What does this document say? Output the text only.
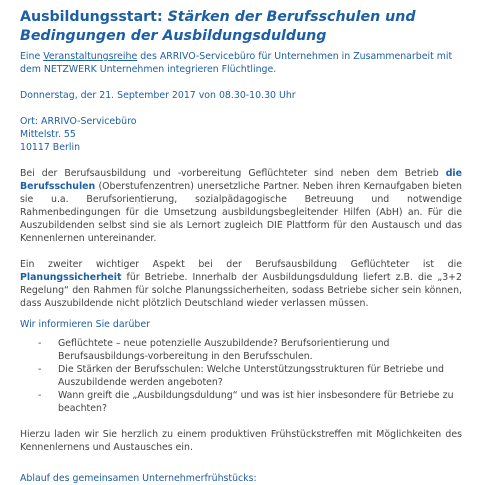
Ausbildungsstart: Stärken der Berufsschulen und Bedingungen der Ausbildungsduldung
Eine Veranstaltungsreihe des ARRIVO-Servicebüro für Unternehmen in Zusammenarbeit mit dem NETZWERK Unternehmen integrieren Flüchtlinge.
Donnerstag, der 21. September 2017 von 08.30-10.30 Uhr
Ort: ARRIVO-Servicebüro
Mittelstr. 55
10117 Berlin

Bei der Berufsausbildung und -vorbereitung Geflüchteter sind neben dem Betrieb die Berufsschulen (Oberstufenzentren) unersetzliche Partner. Neben ihren Kernaufgaben bieten sie u.a. Berufsorientierung, sozialpädagogische Betreuung und notwendige Rahmenbedingungen für die Umsetzung ausbildungsbegleitender Hilfen (AbH) an. Für die Auszubildenden selbst sind sie als Lernort zugleich DIE Plattform für den Austausch und das Kennenlernen untereinander.

Ein zweiter wichtiger Aspekt bei der Berufsausbildung Geflüchteter ist die Planungssicherheit für Betriebe. Innerhalb der Ausbildungsduldung liefert z.B. die „3+2 Regelung“ den Rahmen für solche Planungssicherheiten, sodass Betriebe sicher sein können, dass Auszubildende nicht plötzlich Deutschland wieder verlassen müssen.

Wir informieren Sie darüber
- Geflüchtete – neue potenzielle Auszubildende? Berufsorientierung und Berufsausbildungs-vorbereitung in den Berufsschulen.
- Die Stärken der Berufsschulen: Welche Unterstützungsstrukturen für Betriebe und Auszubildende werden angeboten?
- Wann greift die „Ausbildungsduldung“ und was ist hier insbesondere für Betriebe zu beachten?

Hierzu laden wir Sie herzlich zu einem produktiven Frühstückstreffen mit Möglichkeiten des Kennenlernens und Austausches ein.

Ablauf des gemeinsamen Unternehmerfrühstücks:
